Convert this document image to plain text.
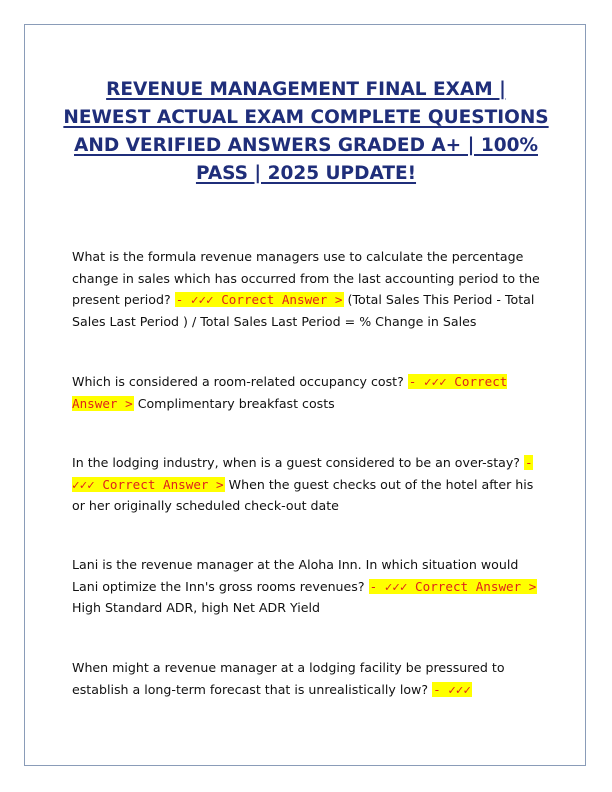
REVENUE MANAGEMENT FINAL EXAM | NEWEST ACTUAL EXAM COMPLETE QUESTIONS AND VERIFIED ANSWERS GRADED A+ | 100% PASS | 2025 UPDATE!

What is the formula revenue managers use to calculate the percentage change in sales which has occurred from the last accounting period to the present period? - ✓✓✓ Correct Answer > (Total Sales This Period - Total Sales Last Period ) / Total Sales Last Period = % Change in Sales

Which is considered a room-related occupancy cost? - ✓✓✓ Correct Answer > Complimentary breakfast costs

In the lodging industry, when is a guest considered to be an over-stay? - ✓✓✓ Correct Answer > When the guest checks out of the hotel after his or her originally scheduled check-out date

Lani is the revenue manager at the Aloha Inn. In which situation would Lani optimize the Inn's gross rooms revenues? - ✓✓✓ Correct Answer > High Standard ADR, high Net ADR Yield

When might a revenue manager at a lodging facility be pressured to establish a long-term forecast that is unrealistically low? - ✓✓✓
